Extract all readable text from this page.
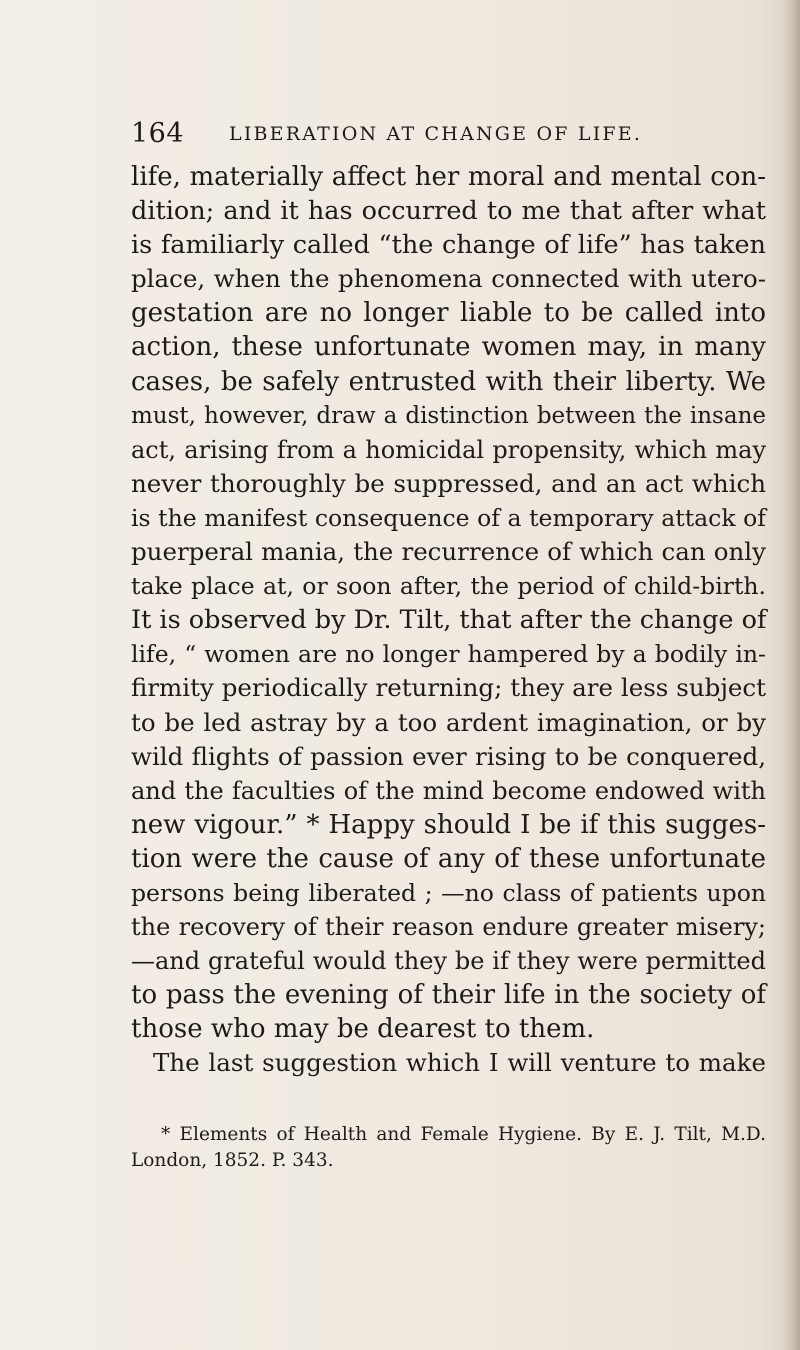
164 LIBERATION AT CHANGE OF LIFE.
life, materially affect her moral and mental con-
dition; and it has occurred to me that after what
is familiarly called “the change of life” has taken
place, when the phenomena connected with utero-
gestation are no longer liable to be called into
action, these unfortunate women may, in many
cases, be safely entrusted with their liberty. We
must, however, draw a distinction between the insane
act, arising from a homicidal propensity, which may
never thoroughly be suppressed, and an act which
is the manifest consequence of a temporary attack of
puerperal mania, the recurrence of which can only
take place at, or soon after, the period of child-birth.
It is observed by Dr. Tilt, that after the change of
life, “ women are no longer hampered by a bodily in-
firmity periodically returning; they are less subject
to be led astray by a too ardent imagination, or by
wild flights of passion ever rising to be conquered,
and the faculties of the mind become endowed with
new vigour.” * Happy should I be if this sugges-
tion were the cause of any of these unfortunate
persons being liberated ; —no class of patients upon
the recovery of their reason endure greater misery;
—and grateful would they be if they were permitted
to pass the evening of their life in the society of
those who may be dearest to them.
The last suggestion which I will venture to make
* Elements of Health and Female Hygiene. By E. J. Tilt, M.D.
London, 1852. P. 343.
